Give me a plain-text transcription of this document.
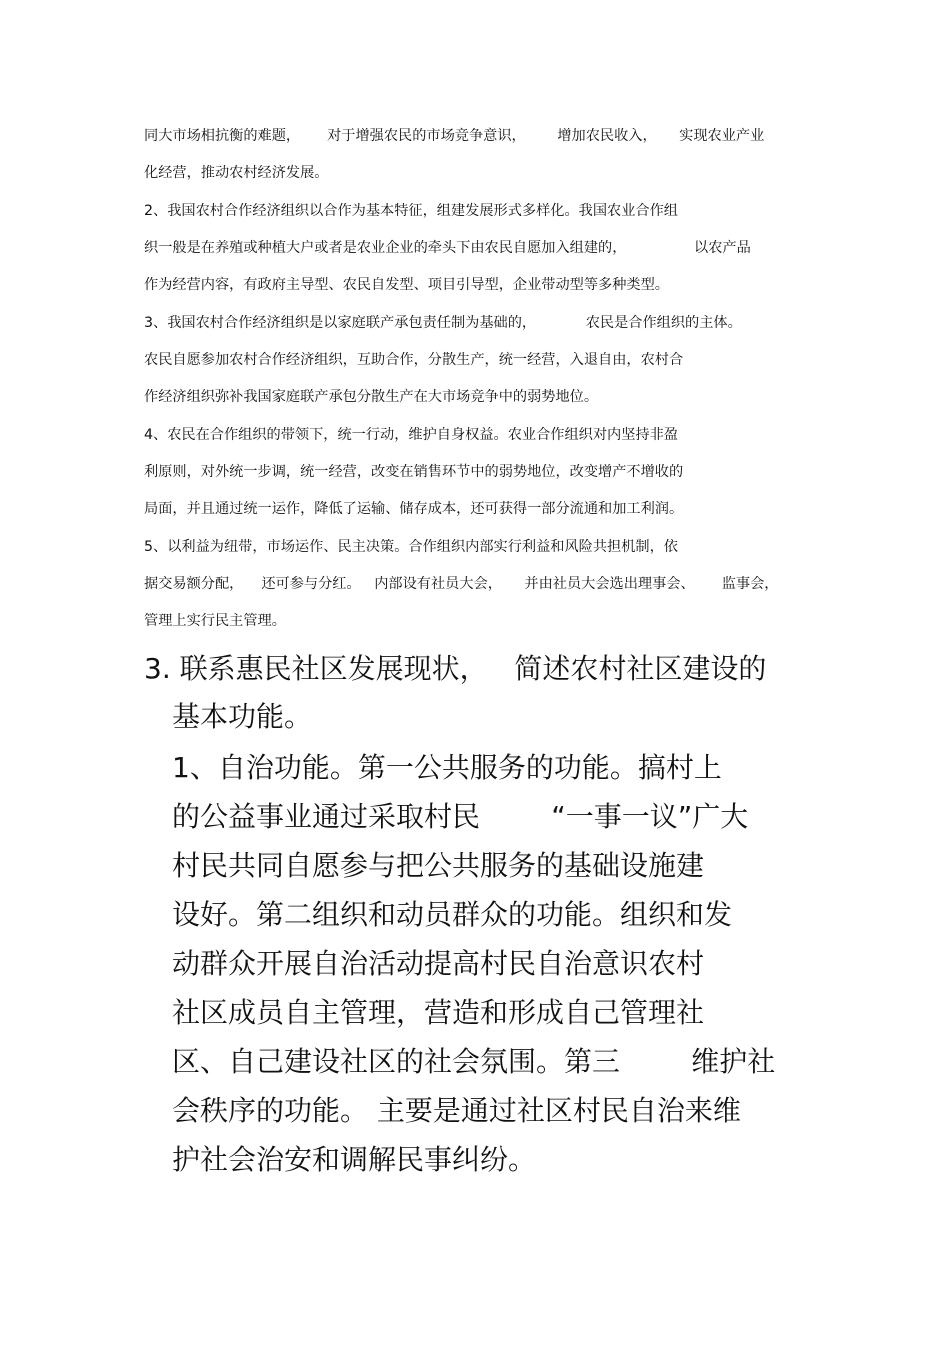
同大市场相抗衡的难题，      对于增强农民的市场竞争意识，       增加农民收入，     实现农业产业

化经营，推动农村经济发展。

2、我国农村合作经济组织以合作为基本特征，组建发展形式多样化。我国农业合作组

织一般是在养殖或种植大户或者是农业企业的牵头下由农民自愿加入组建的，               以农产品

作为经营内容，有政府主导型、农民自发型、项目引导型，企业带动型等多种类型。

3、我国农村合作经济组织是以家庭联产承包责任制为基础的，           农民是合作组织的主体。

农民自愿参加农村合作经济组织，互助合作，分散生产，统一经营，入退自由，农村合

作经济组织弥补我国家庭联产承包分散生产在大市场竞争中的弱势地位。

4、农民在合作组织的带领下，统一行动，维护自身权益。农业合作组织对内坚持非盈

利原则，对外统一步调，统一经营，改变在销售环节中的弱势地位，改变增产不增收的

局面，并且通过统一运作，降低了运输、储存成本，还可获得一部分流通和加工利润。

5、以利益为纽带，市场运作、民主决策。合作组织内部实行利益和风险共担机制，依

据交易额分配，    还可参与分红。   内部设有社员大会，     并由社员大会选出理事会、      监事会，

管理上实行民主管理。

3. 联系惠民社区发展现状，   简述农村社区建设的

基本功能。

1、自治功能。第一公共服务的功能。搞村上

的公益事业通过采取村民        “一事一议”广大

村民共同自愿参与把公共服务的基础设施建

设好。第二组织和动员群众的功能。组织和发

动群众开展自治活动提高村民自治意识农村

社区成员自主管理，营造和形成自己管理社

区、自己建设社区的社会氛围。第三        维护社

会秩序的功能。 主要是通过社区村民自治来维

护社会治安和调解民事纠纷。
